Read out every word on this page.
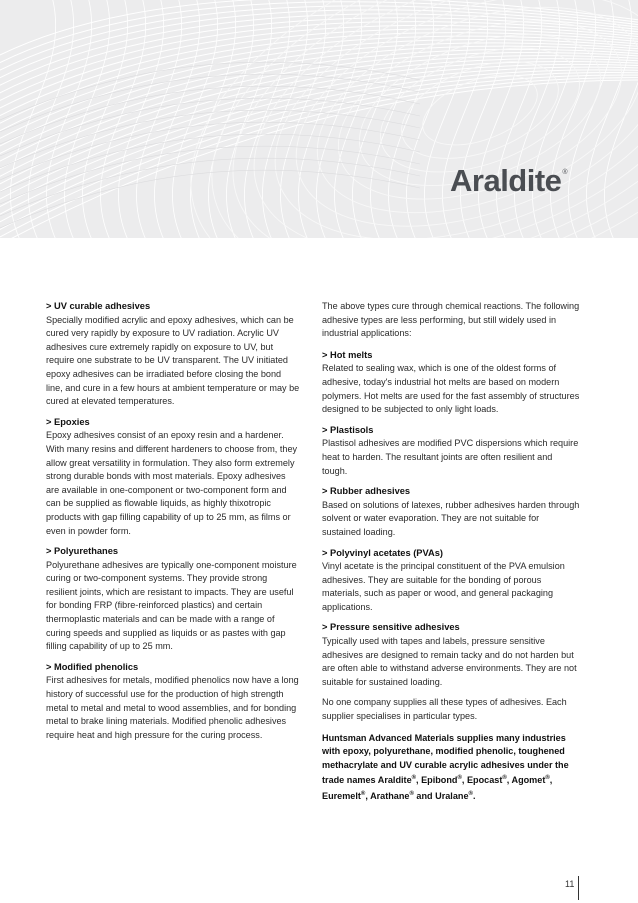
Araldite®
> UV curable adhesives

Specially modified acrylic and epoxy adhesives, which can be cured very rapidly by exposure to UV radiation. Acrylic UV adhesives cure extremely rapidly on exposure to UV, but require one substrate to be UV transparent. The UV initiated epoxy adhesives can be irradiated before closing the bond line, and cure in a few hours at ambient temperature or may be cured at elevated temperatures.

> Epoxies

Epoxy adhesives consist of an epoxy resin and a hardener. With many resins and different hardeners to choose from, they allow great versatility in formulation. They also form extremely strong durable bonds with most materials. Epoxy adhesives are available in one-component or two-component form and can be supplied as flowable liquids, as highly thixotropic products with gap filling capability of up to 25 mm, as films or even in powder form.

> Polyurethanes

Polyurethane adhesives are typically one-component moisture curing or two-component systems. They provide strong resilient joints, which are resistant to impacts. They are useful for bonding FRP (fibre-reinforced plastics) and certain thermoplastic materials and can be made with a range of curing speeds and supplied as liquids or as pastes with gap filling capability of up to 25 mm.

> Modified phenolics

First adhesives for metals, modified phenolics now have a long history of successful use for the production of high strength metal to metal and metal to wood assemblies, and for bonding metal to brake lining materials. Modified phenolic adhesives require heat and high pressure for the curing process.

The above types cure through chemical reactions. The following adhesive types are less performing, but still widely used in industrial applications:

> Hot melts

Related to sealing wax, which is one of the oldest forms of adhesive, today's industrial hot melts are based on modern polymers. Hot melts are used for the fast assembly of structures designed to be subjected to only light loads.

> Plastisols

Plastisol adhesives are modified PVC dispersions which require heat to harden. The resultant joints are often resilient and tough.

> Rubber adhesives

Based on solutions of latexes, rubber adhesives harden through solvent or water evaporation. They are not suitable for sustained loading.

> Polyvinyl acetates (PVAs)

Vinyl acetate is the principal constituent of the PVA emulsion adhesives. They are suitable for the bonding of porous materials, such as paper or wood, and general packaging applications.

> Pressure sensitive adhesives

Typically used with tapes and labels, pressure sensitive adhesives are designed to remain tacky and do not harden but are often able to withstand adverse environments. They are not suitable for sustained loading.

No one company supplies all these types of adhesives. Each supplier specialises in particular types.

Huntsman Advanced Materials supplies many industries with epoxy, polyurethane, modified phenolic, toughened methacrylate and UV curable acrylic adhesives under the trade names Araldite®, Epibond®, Epocast®, Agomet®, Euremelt®, Arathane® and Uralane®.

11
